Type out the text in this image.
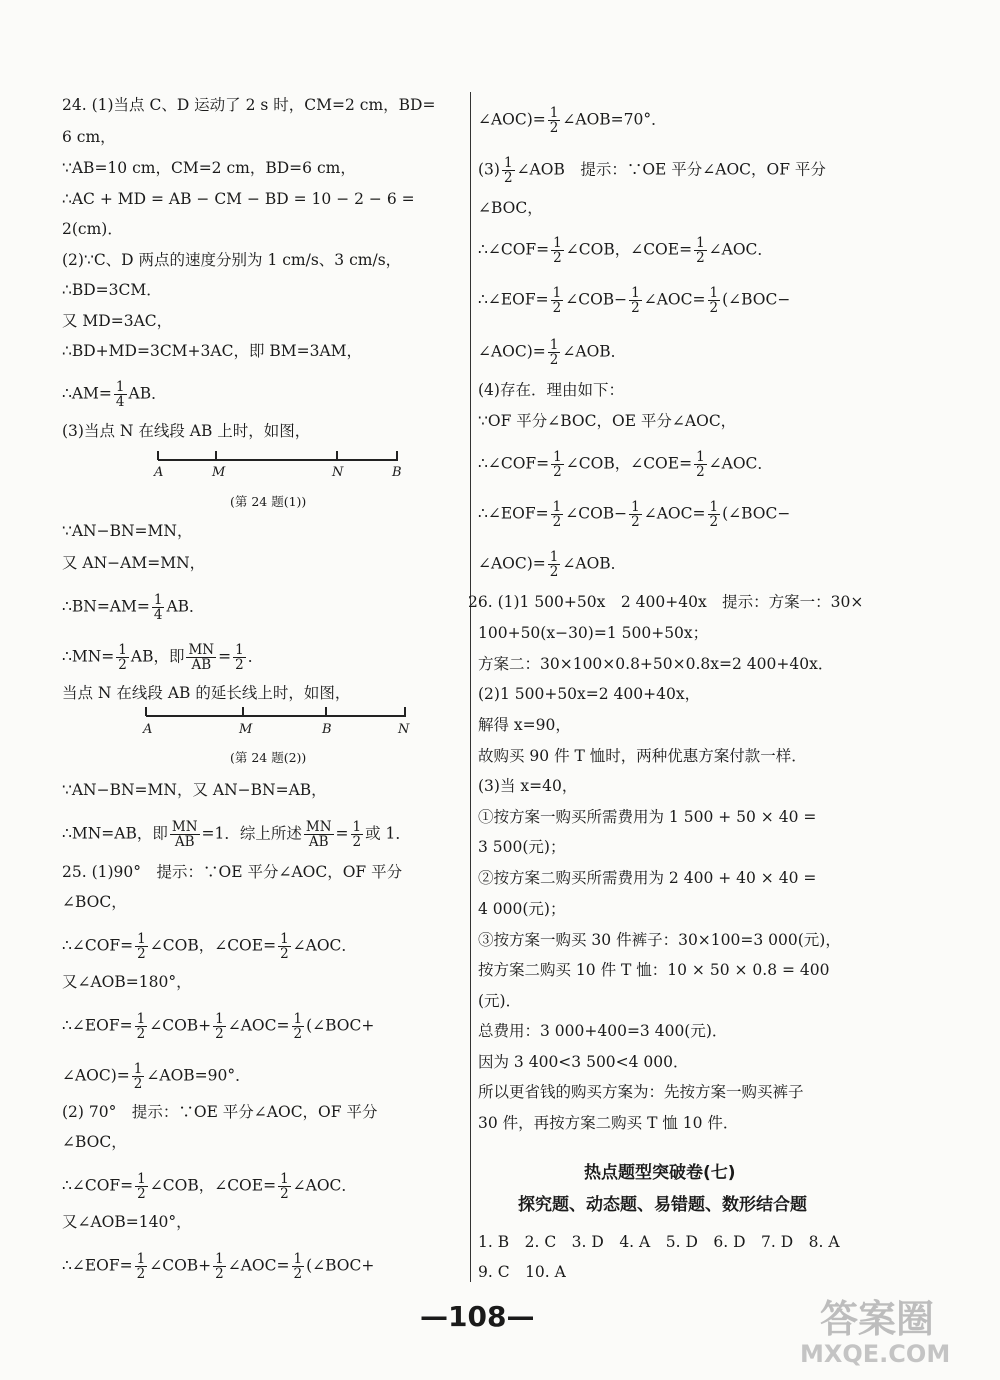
24. (1)当点 C、D 运动了 2 s 时，CM=2 cm，BD=
6 cm，
∵AB=10 cm，CM=2 cm，BD=6 cm，
∴AC + MD = AB − CM − BD = 10 − 2 − 6 =
2(cm)．
(2)∵C、D 两点的速度分别为 1 cm/s、3 cm/s，
∴BD=3CM．
又 MD=3AC，
∴BD+MD=3CM+3AC，即 BM=3AM，
∴AM= $\frac{1}{4}$ AB．
(3)当点 N 在线段 AB 上时，如图，
A	M	N	B
(第 24 题(1))
∵AN−BN=MN，
又 AN−AM=MN，
∴BN=AM= $\frac{1}{4}$ AB．
∴MN= $\frac{1}{2}$ AB，即 $\frac{MN}{AB} = \frac{1}{2}$ ．
当点 N 在线段 AB 的延长线上时，如图，
A	M	B	N
(第 24 题(2))
∵AN−BN=MN，又 AN−BN=AB，
∴MN=AB，即 $\frac{MN}{AB} =1$．综上所述 $\frac{MN}{AB} = \frac{1}{2}$ 或 1．
25. (1)90°　提示：∵OE 平分∠AOC，OF 平分
∠BOC，
∴∠COF= $\frac{1}{2}$ ∠COB，∠COE= $\frac{1}{2}$ ∠AOC．
又∠AOB=180°，
∴∠EOF= $\frac{1}{2}$ ∠COB+ $\frac{1}{2}$ ∠AOC= $\frac{1}{2}$ (∠BOC+
∠AOC)= $\frac{1}{2}$ ∠AOB=90°．
(2) 70°　提示：∵OE 平分∠AOC，OF 平分
∠BOC，
∴∠COF= $\frac{1}{2}$ ∠COB，∠COE= $\frac{1}{2}$ ∠AOC．
又∠AOB=140°，
∴∠EOF= $\frac{1}{2}$ ∠COB+ $\frac{1}{2}$ ∠AOC= $\frac{1}{2}$ (∠BOC+
∠AOC)= $\frac{1}{2}$ ∠AOB=70°．
$(3) \frac{1}{2}$ ∠AOB　提示：∵OE 平分∠AOC，OF 平分
∠BOC，
∴∠COF= $\frac{1}{2}$ ∠COB，∠COE= $\frac{1}{2}$ ∠AOC．
∴∠EOF= $\frac{1}{2}$ ∠COB− $\frac{1}{2}$ ∠AOC= $\frac{1}{2}$ (∠BOC−
∠AOC)= $\frac{1}{2}$ ∠AOB．
(4)存在．理由如下：
∵OF 平分∠BOC，OE 平分∠AOC，
∴∠COF= $\frac{1}{2}$ ∠COB，∠COE= $\frac{1}{2}$ ∠AOC．
∴∠EOF= $\frac{1}{2}$ ∠COB− $\frac{1}{2}$ ∠AOC= $\frac{1}{2}$ (∠BOC−
∠AOC)= $\frac{1}{2}$ ∠AOB．
26. (1)1 500+50x　2 400+40x　提示：方案一：30×
100+50(x−30)=1 500+50x；
方案二：30×100×0.8+50×0.8x=2 400+40x．
(2)1 500+50x=2 400+40x，
解得 x=90，
故购买 90 件 T 恤时，两种优惠方案付款一样．
(3)当 x=40，
①按方案一购买所需费用为 1 500 + 50 × 40 =
3 500(元)；
②按方案二购买所需费用为 2 400 + 40 × 40 =
4 000(元)；
③按方案一购买 30 件裤子：30×100=3 000(元)，
按方案二购买 10 件 T 恤：10 × 50 × 0.8 = 400
(元)．
总费用：3 000+400=3 400(元)．
因为 3 400<3 500<4 000．
所以更省钱的购买方案为：先按方案一购买裤子
30 件，再按方案二购买 T 恤 10 件．
热点题型突破卷(七)
探究题、动态题、易错题、数形结合题
1. B　2. C　3. D　4. A　5. D　6. D　7. D　8. A
9. C　10. A
—108—	答案圈
MXQE.COM
